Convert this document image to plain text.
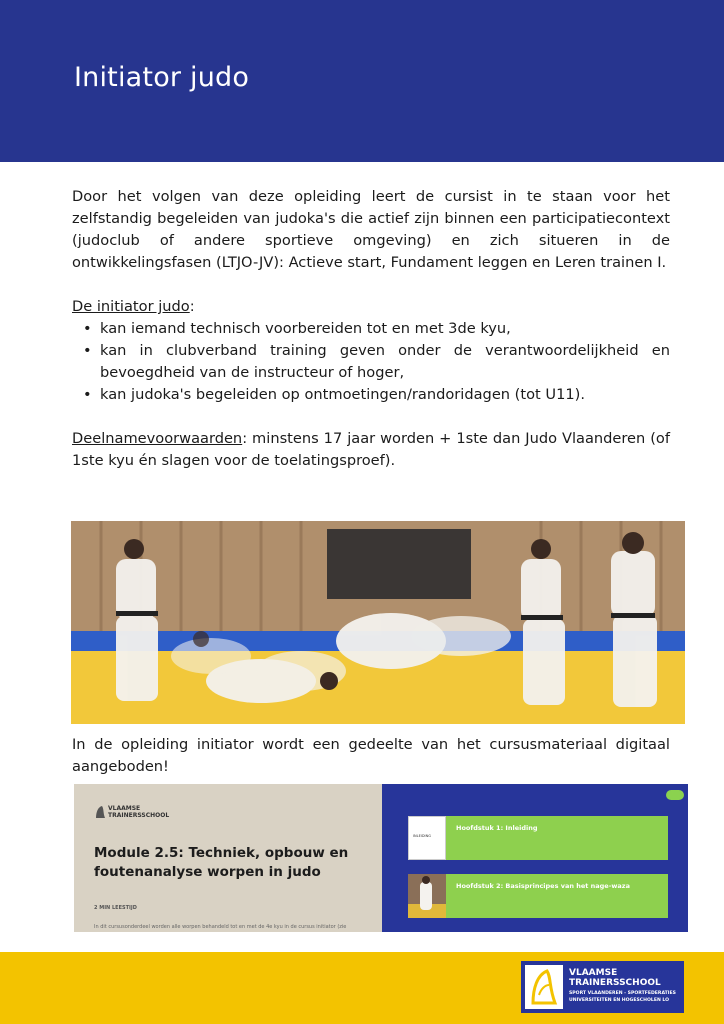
Initiator judo

Door het volgen van deze opleiding leert de cursist in te staan voor het zelfstandig begeleiden van judoka's die actief zijn binnen een participatiecontext (judoclub of andere sportieve omgeving) en zich situeren in de ontwikkelingsfasen (LTJO-JV): Actieve start, Fundament leggen en Leren trainen I.

De initiator judo:

• kan iemand technisch voorbereiden tot en met 3de kyu,
• kan in clubverband training geven onder de verantwoordelijkheid en bevoegdheid van de instructeur of hoger,
• kan judoka's begeleiden op ontmoetingen/randoridagen (tot U11).

Deelnamevoorwaarden: minstens 17 jaar worden + 1ste dan Judo Vlaanderen (of 1ste kyu én slagen voor de toelatingsproef).

In de opleiding initiator wordt een gedeelte van het cursusmateriaal digitaal aangeboden!

VLAAMSE
TRAINERSSCHOOL
Module 2.5: Techniek, opbouw en foutenanalyse worpen in judo
2 MIN LEESTIJD
In dit cursusonderdeel worden alle worpen behandeld tot en met de 4e kyu in de cursus initiator (zie
INLEIDING
Hoofdstuk 1: Inleiding
Hoofdstuk 2: Basisprincipes van het nage-waza
VLAAMSE
TRAINERSSCHOOL
SPORT VLAANDEREN - SPORTFEDERATIES
UNIVERSITEITEN EN HOGESCHOLEN LO
